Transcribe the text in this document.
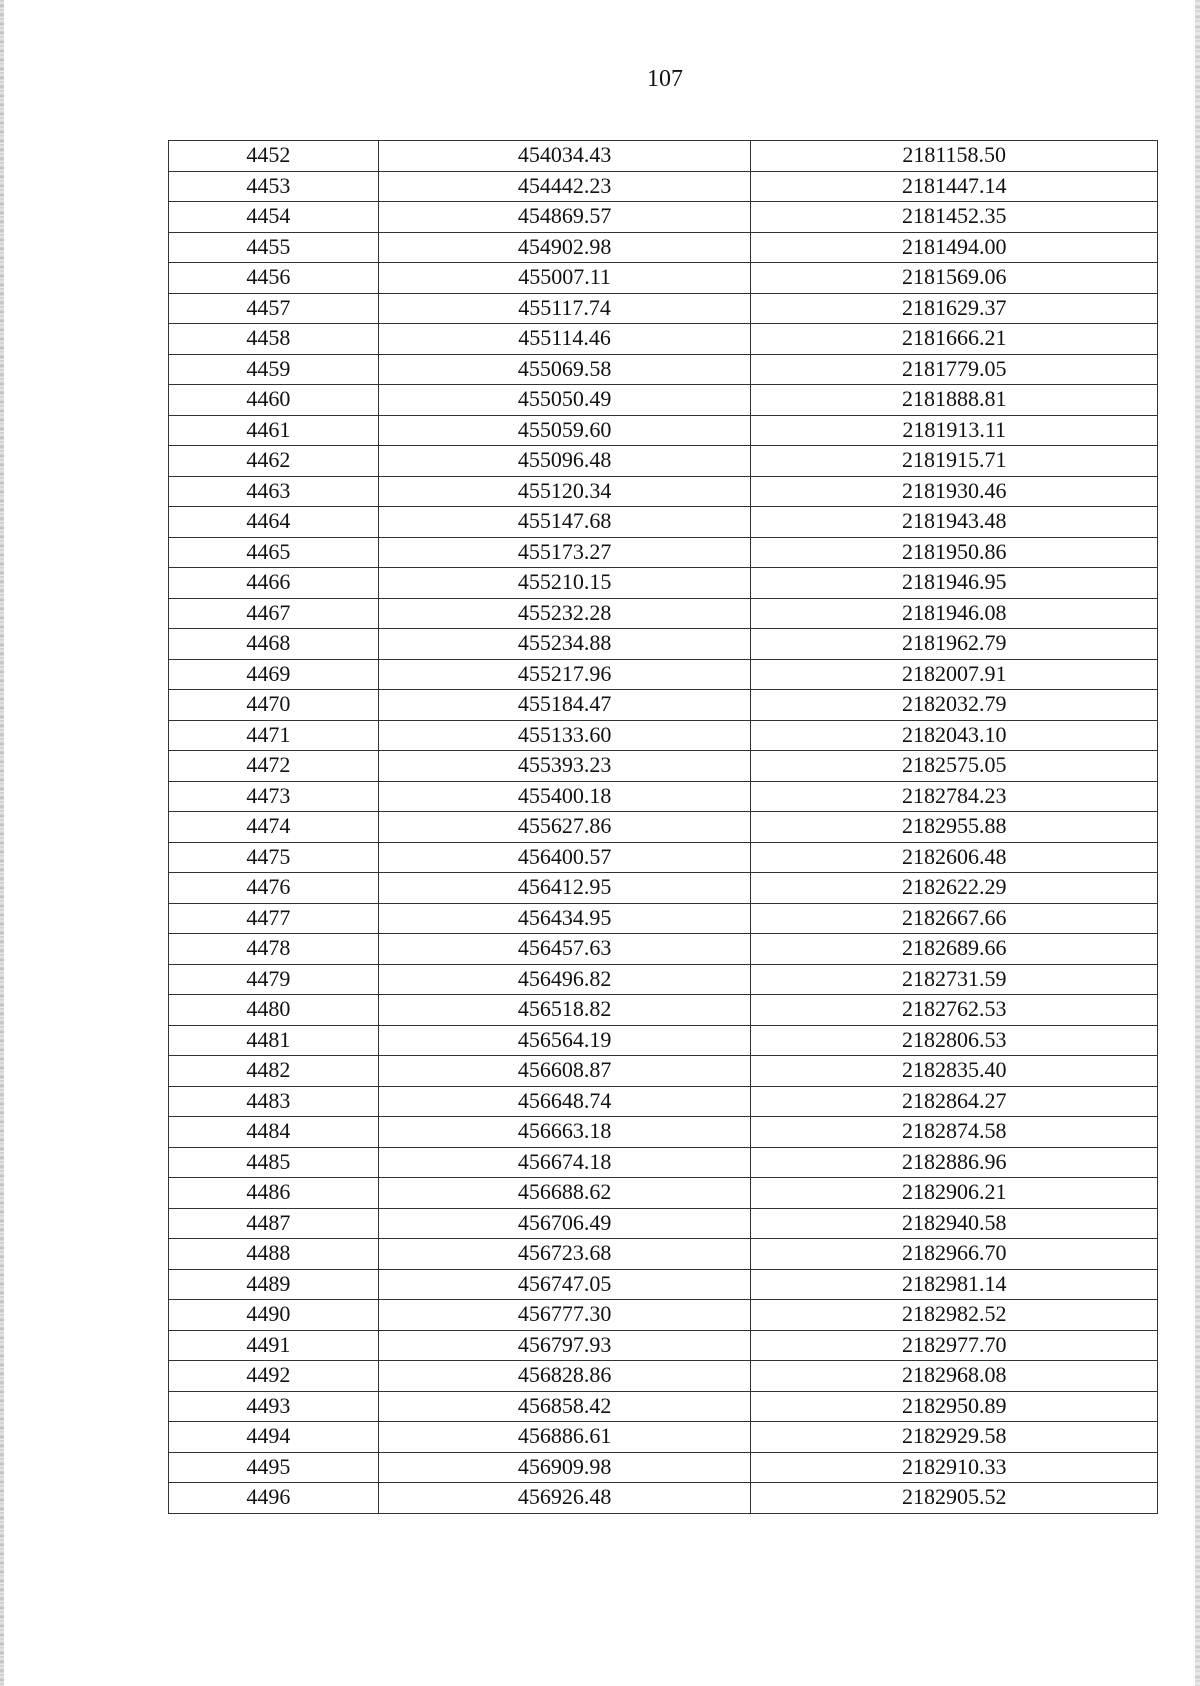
107
4452	454034.43	2181158.50
4453	454442.23	2181447.14
4454	454869.57	2181452.35
4455	454902.98	2181494.00
4456	455007.11	2181569.06
4457	455117.74	2181629.37
4458	455114.46	2181666.21
4459	455069.58	2181779.05
4460	455050.49	2181888.81
4461	455059.60	2181913.11
4462	455096.48	2181915.71
4463	455120.34	2181930.46
4464	455147.68	2181943.48
4465	455173.27	2181950.86
4466	455210.15	2181946.95
4467	455232.28	2181946.08
4468	455234.88	2181962.79
4469	455217.96	2182007.91
4470	455184.47	2182032.79
4471	455133.60	2182043.10
4472	455393.23	2182575.05
4473	455400.18	2182784.23
4474	455627.86	2182955.88
4475	456400.57	2182606.48
4476	456412.95	2182622.29
4477	456434.95	2182667.66
4478	456457.63	2182689.66
4479	456496.82	2182731.59
4480	456518.82	2182762.53
4481	456564.19	2182806.53
4482	456608.87	2182835.40
4483	456648.74	2182864.27
4484	456663.18	2182874.58
4485	456674.18	2182886.96
4486	456688.62	2182906.21
4487	456706.49	2182940.58
4488	456723.68	2182966.70
4489	456747.05	2182981.14
4490	456777.30	2182982.52
4491	456797.93	2182977.70
4492	456828.86	2182968.08
4493	456858.42	2182950.89
4494	456886.61	2182929.58
4495	456909.98	2182910.33
4496	456926.48	2182905.52
